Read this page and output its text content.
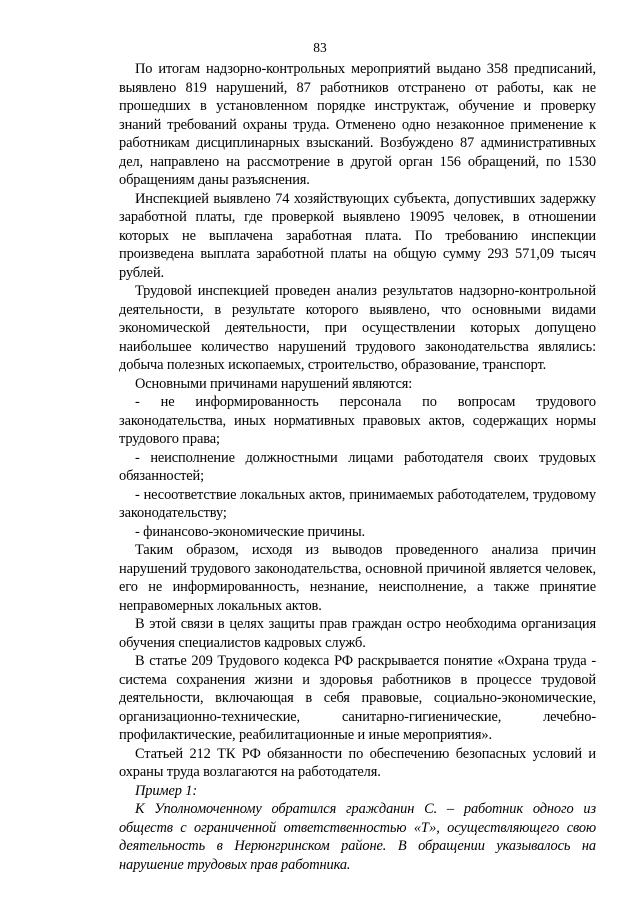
83

По итогам надзорно-контрольных мероприятий выдано 358 предписаний, выявлено 819 нарушений, 87 работников отстранено от работы, как не прошедших в установленном порядке инструктаж, обучение и проверку знаний требований охраны труда. Отменено одно незаконное применение к работникам дисциплинарных взысканий. Возбуждено 87 административных дел, направлено на рассмотрение в другой орган 156 обращений, по 1530 обращениям даны разъяснения.

Инспекцией выявлено 74 хозяйствующих субъекта, допустивших задержку заработной платы, где проверкой выявлено 19095 человек, в отношении которых не выплачена заработная плата. По требованию инспекции произведена выплата заработной платы на общую сумму 293 571,09 тысяч рублей.

Трудовой инспекцией проведен анализ результатов надзорно-контрольной деятельности, в результате которого выявлено, что основными видами экономической деятельности, при осуществлении которых допущено наибольшее количество нарушений трудового законодательства являлись: добыча полезных ископаемых, строительство, образование, транспорт.

Основными причинами нарушений являются:

- не информированность персонала по вопросам трудового законодательства, иных нормативных правовых актов, содержащих нормы трудового права;

- неисполнение должностными лицами работодателя своих трудовых обязанностей;

- несоответствие локальных актов, принимаемых работодателем, трудовому законодательству;

- финансово-экономические причины.

Таким образом, исходя из выводов проведенного анализа причин нарушений трудового законодательства, основной причиной является человек, его не информированность, незнание, неисполнение, а также принятие неправомерных локальных актов.

В этой связи в целях защиты прав граждан остро необходима организация обучения специалистов кадровых служб.

В статье 209 Трудового кодекса РФ раскрывается понятие «Охрана труда - система сохранения жизни и здоровья работников в процессе трудовой деятельности, включающая в себя правовые, социально-экономические, организационно-технические, санитарно-гигиенические, лечебно-профилактические, реабилитационные и иные мероприятия».

Статьей 212 ТК РФ обязанности по обеспечению безопасных условий и охраны труда возлагаются на работодателя.

Пример 1:

К Уполномоченному обратился гражданин С. – работник одного из обществ с ограниченной ответственностью «Т», осуществляющего свою деятельность в Нерюнгринском районе. В обращении указывалось на нарушение трудовых прав работника.
